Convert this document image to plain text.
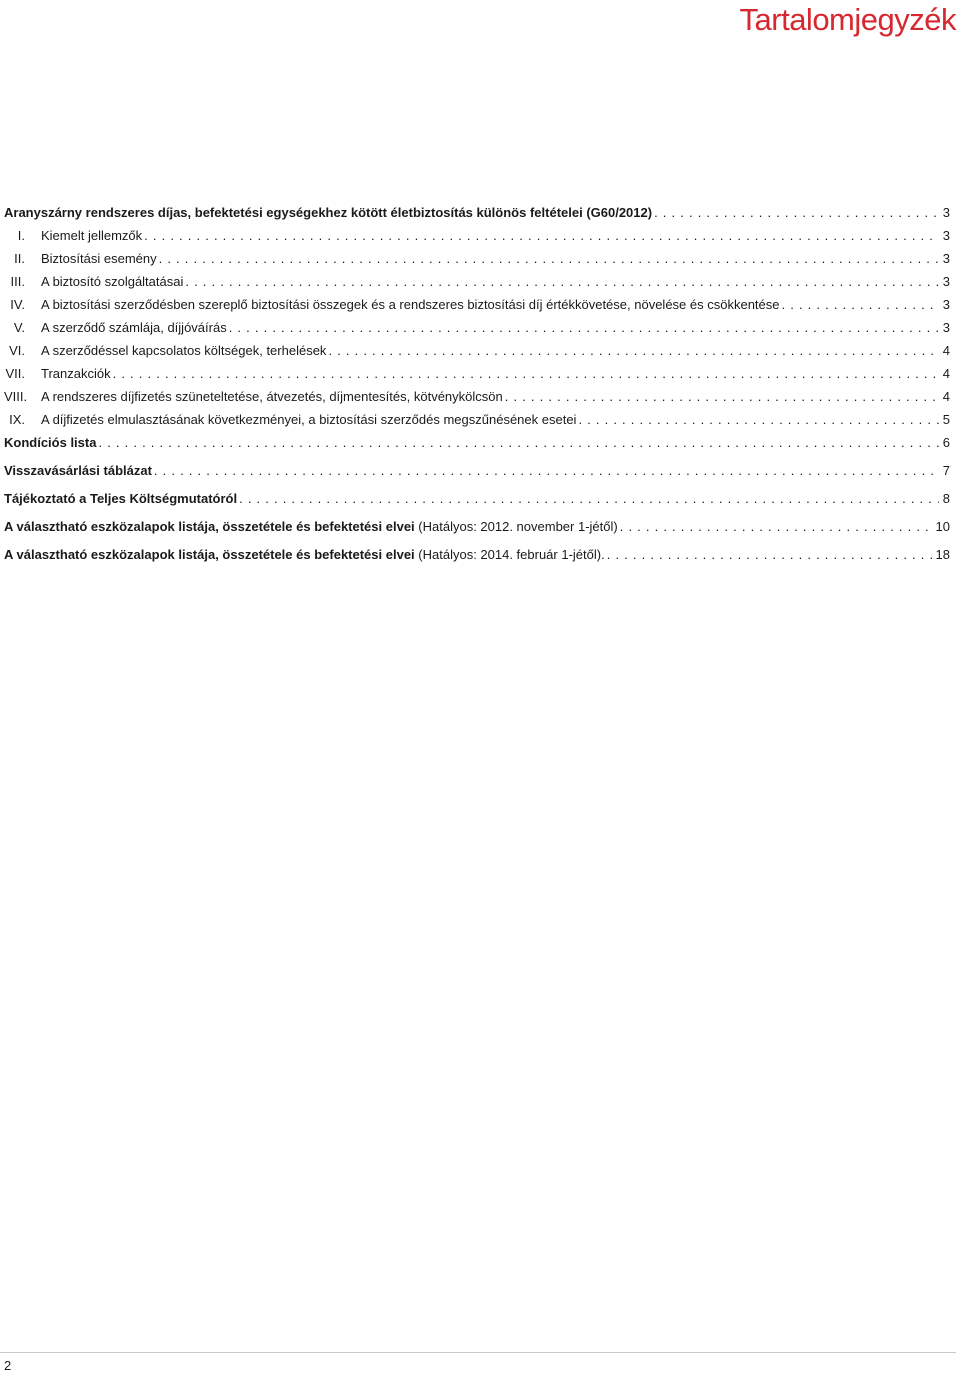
Tartalomjegyzék
Aranyszárny rendszeres díjas, befektetési egységekhez kötött életbiztosítás különös feltételei (G60/2012) . . .	3
I.	Kiemelt jellemzők . . .	3
II.	Biztosítási esemény . . .	3
III.	A biztosító szolgáltatásai . . .	3
IV.	A biztosítási szerződésben szereplő biztosítási összegek és a rendszeres biztosítási díj értékkövetése, növelése és csökkentése . . .	3
V.	A szerződő számlája, díjjóváírás . . .	3
VI.	A szerződéssel kapcsolatos költségek, terhelések . . .	4
VII.	Tranzakciók . . .	4
VIII.	A rendszeres díjfizetés szüneteltetése, átvezetés, díjmentesítés, kötvénykölcsön . . .	4
IX.	A díjfizetés elmulasztásának következményei, a biztosítási szerződés megszűnésének esetei . . .	5
Kondíciós lista . . .	6
Visszavásárlási táblázat . . .	7
Tájékoztató a Teljes Költségmutatóról . . .	8
A választható eszközalapok listája, összetétele és befektetési elvei (Hatályos: 2012. november 1-jétől) . . .	10
A választható eszközalapok listája, összetétele és befektetési elvei (Hatályos: 2014. február 1-jétől). . . .	18
2
